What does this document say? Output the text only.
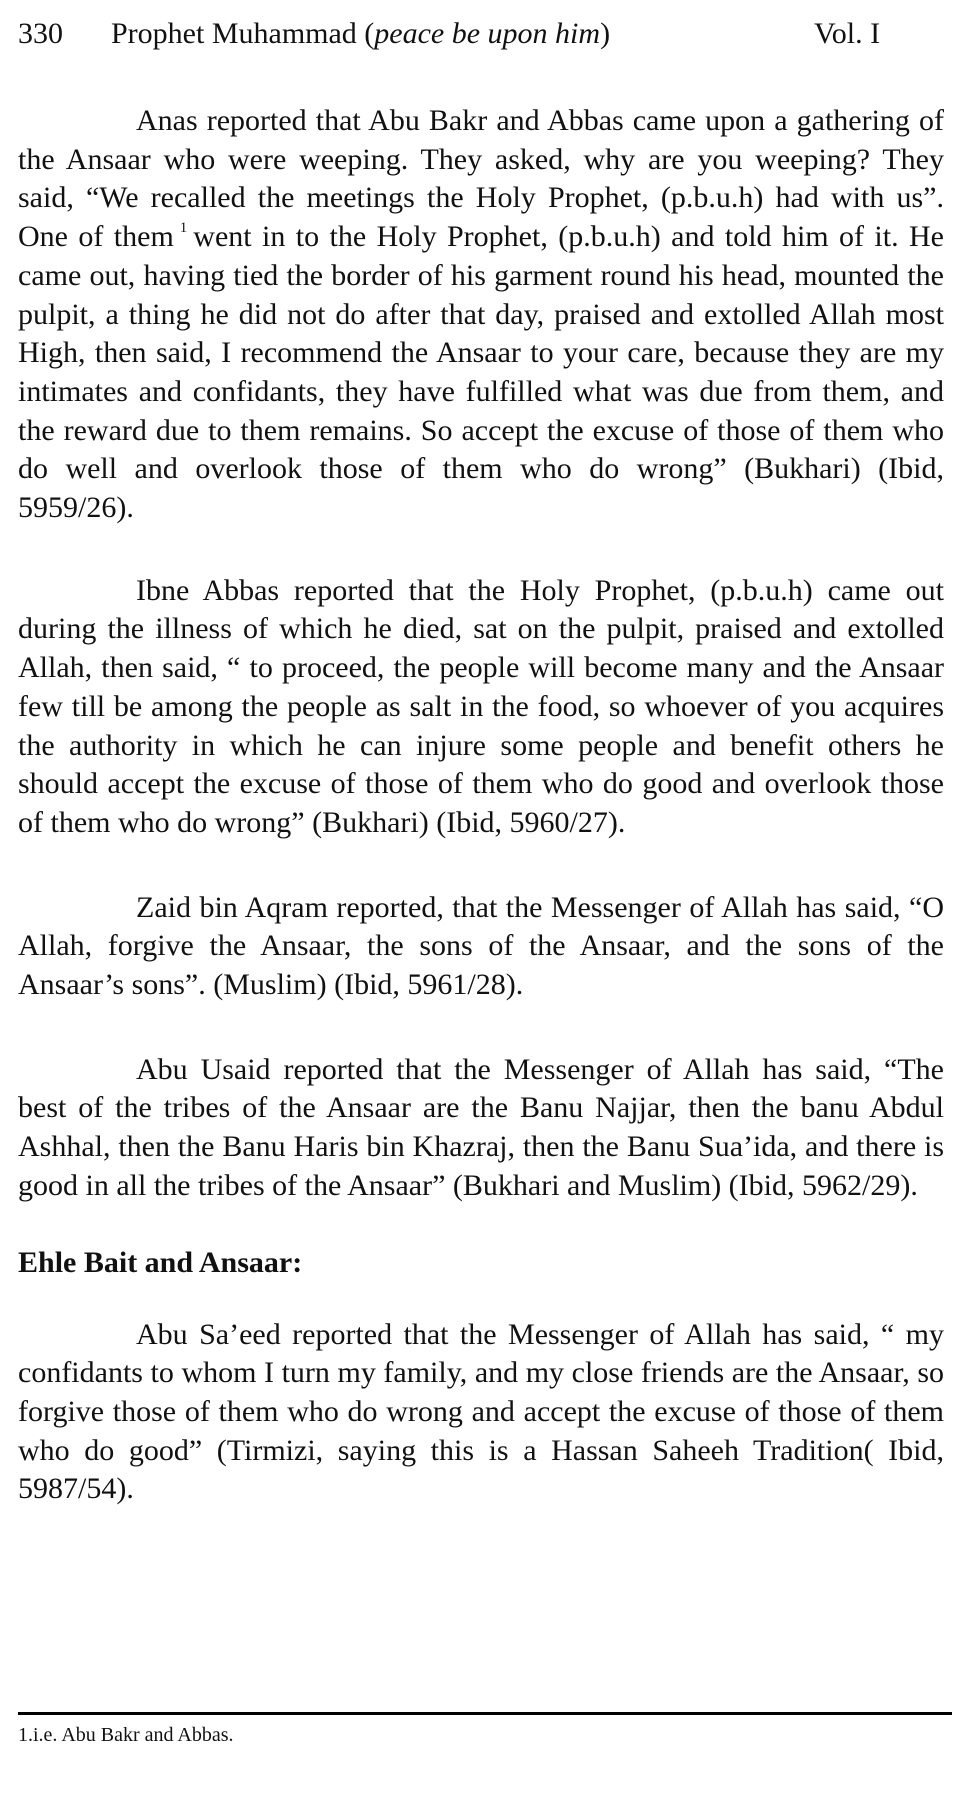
330 Prophet Muhammad (peace be upon him)	Vol. I

Anas reported that Abu Bakr and Abbas came upon a gathering of the Ansaar who were weeping. They asked, why are you weeping? They said, “We recalled the meetings the Holy Prophet, (p.b.u.h) had with us”. One of them $^1$ went in to the Holy Prophet, (p.b.u.h) and told him of it. He came out, having tied the border of his garment round his head, mounted the pulpit, a thing he did not do after that day, praised and extolled Allah most High, then said, I recommend the Ansaar to your care, because they are my intimates and confidants, they have fulfilled what was due from them, and the reward due to them remains. So accept the excuse of those of them who do well and overlook those of them who do wrong” (Bukhari) (Ibid, 5959/26).

Ibne Abbas reported that the Holy Prophet, (p.b.u.h) came out during the illness of which he died, sat on the pulpit, praised and extolled Allah, then said, “ to proceed, the people will become many and the Ansaar few till be among the people as salt in the food, so whoever of you acquires the authority in which he can injure some people and benefit others he should accept the excuse of those of them who do good and overlook those of them who do wrong” (Bukhari) (Ibid, 5960/27).

Zaid bin Aqram reported, that the Messenger of Allah has said, “O Allah, forgive the Ansaar, the sons of the Ansaar, and the sons of the Ansaar’s sons”. (Muslim) (Ibid, 5961/28).

Abu Usaid reported that the Messenger of Allah has said, “The best of the tribes of the Ansaar are the Banu Najjar, then the banu Abdul Ashhal, then the Banu Haris bin Khazraj, then the Banu Sua’ida, and there is good in all the tribes of the Ansaar” (Bukhari and Muslim) (Ibid, 5962/29).

Ehle Bait and Ansaar:

Abu Sa’eed reported that the Messenger of Allah has said, “ my confidants to whom I turn my family, and my close friends are the Ansaar, so forgive those of them who do wrong and accept the excuse of those of them who do good” (Tirmizi, saying this is a Hassan Saheeh Tradition( Ibid, 5987/54).

1.i.e. Abu Bakr and Abbas.
